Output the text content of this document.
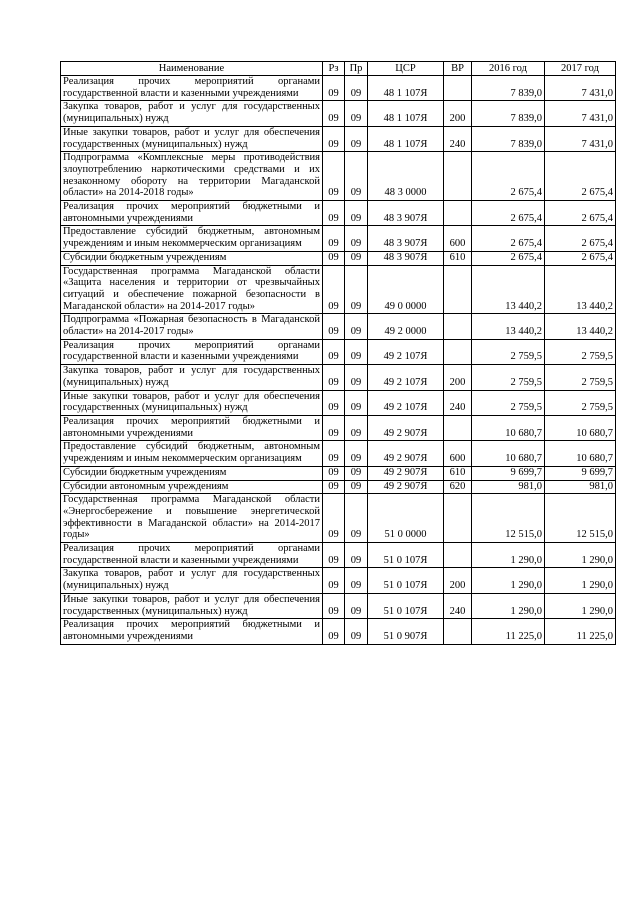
Наименование	Рз	Пр	ЦСР	ВР	2016 год	2017 год
Реализация прочих мероприятий органами государственной власти и казенными учреждениями	09	09	48 1 107Я		7 839,0	7 431,0
Закупка товаров, работ и услуг для государственных (муниципальных) нужд	09	09	48 1 107Я	200	7 839,0	7 431,0
Иные закупки товаров, работ и услуг для обеспечения государственных (муниципальных) нужд	09	09	48 1 107Я	240	7 839,0	7 431,0
Подпрограмма «Комплексные меры противодействия злоупотреблению наркотическими средствами и их незаконному обороту на территории Магаданской области» на 2014-2018 годы»	09	09	48 3 0000		2 675,4	2 675,4
Реализация прочих мероприятий бюджетными и автономными учреждениями	09	09	48 3 907Я		2 675,4	2 675,4
Предоставление субсидий бюджетным, автономным учреждениям и иным некоммерческим организациям	09	09	48 3 907Я	600	2 675,4	2 675,4
Субсидии бюджетным учреждениям	09	09	48 3 907Я	610	2 675,4	2 675,4
Государственная программа Магаданской области «Защита населения и территории от чрезвычайных ситуаций и обеспечение пожарной безопасности в Магаданской области» на 2014-2017 годы»	09	09	49 0 0000		13 440,2	13 440,2
Подпрограмма «Пожарная безопасность в Магаданской области» на 2014-2017 годы»	09	09	49 2 0000		13 440,2	13 440,2
Реализация прочих мероприятий органами государственной власти и казенными учреждениями	09	09	49 2 107Я		2 759,5	2 759,5
Закупка товаров, работ и услуг для государственных (муниципальных) нужд	09	09	49 2 107Я	200	2 759,5	2 759,5
Иные закупки товаров, работ и услуг для обеспечения государственных (муниципальных) нужд	09	09	49 2 107Я	240	2 759,5	2 759,5
Реализация прочих мероприятий бюджетными и автономными учреждениями	09	09	49 2 907Я		10 680,7	10 680,7
Предоставление субсидий бюджетным, автономным учреждениям и иным некоммерческим организациям	09	09	49 2 907Я	600	10 680,7	10 680,7
Субсидии бюджетным учреждениям	09	09	49 2 907Я	610	9 699,7	9 699,7
Субсидии автономным учреждениям	09	09	49 2 907Я	620	981,0	981,0
Государственная программа Магаданской области «Энергосбережение и повышение энергетической эффективности в Магаданской области» на 2014-2017 годы»	09	09	51 0 0000		12 515,0	12 515,0
Реализация прочих мероприятий органами государственной власти и казенными учреждениями	09	09	51 0 107Я		1 290,0	1 290,0
Закупка товаров, работ и услуг для государственных (муниципальных) нужд	09	09	51 0 107Я	200	1 290,0	1 290,0
Иные закупки товаров, работ и услуг для обеспечения государственных (муниципальных) нужд	09	09	51 0 107Я	240	1 290,0	1 290,0
Реализация прочих мероприятий бюджетными и автономными учреждениями	09	09	51 0 907Я		11 225,0	11 225,0
